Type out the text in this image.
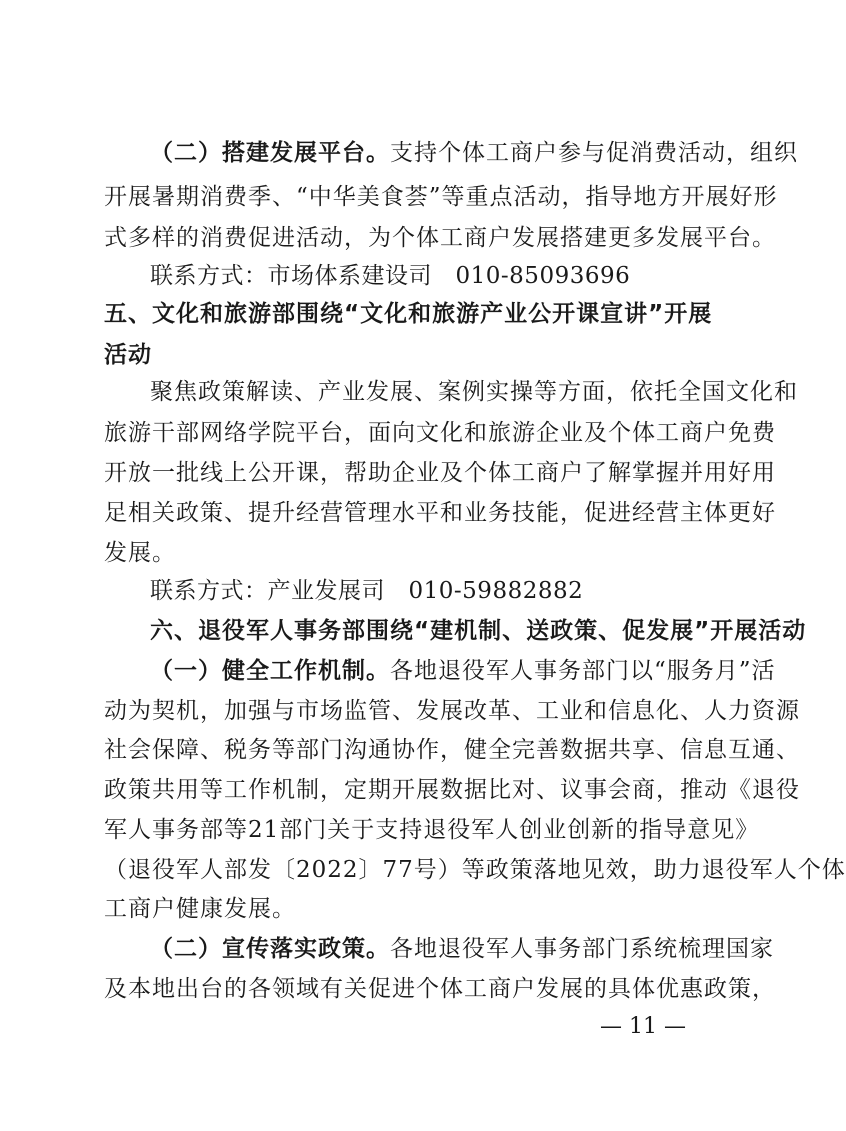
（二）搭建发展平台。支持个体工商户参与促消费活动，组织
开展暑期消费季、“中华美食荟”等重点活动，指导地方开展好形
式多样的消费促进活动，为个体工商户发展搭建更多发展平台。
联系方式：市场体系建设司　010-85093696
五、文化和旅游部围绕“文化和旅游产业公开课宣讲”开展
活动
聚焦政策解读、产业发展、案例实操等方面，依托全国文化和
旅游干部网络学院平台，面向文化和旅游企业及个体工商户免费
开放一批线上公开课，帮助企业及个体工商户了解掌握并用好用
足相关政策、提升经营管理水平和业务技能，促进经营主体更好
发展。
联系方式：产业发展司　010-59882882
六、退役军人事务部围绕“建机制、送政策、促发展”开展活动
（一）健全工作机制。各地退役军人事务部门以“服务月”活
动为契机，加强与市场监管、发展改革、工业和信息化、人力资源
社会保障、税务等部门沟通协作，健全完善数据共享、信息互通、
政策共用等工作机制，定期开展数据比对、议事会商，推动《退役
军人事务部等21部门关于支持退役军人创业创新的指导意见》
（退役军人部发〔2022〕77号）等政策落地见效，助力退役军人个体
工商户健康发展。
（二）宣传落实政策。各地退役军人事务部门系统梳理国家
及本地出台的各领域有关促进个体工商户发展的具体优惠政策，
— 11 —
